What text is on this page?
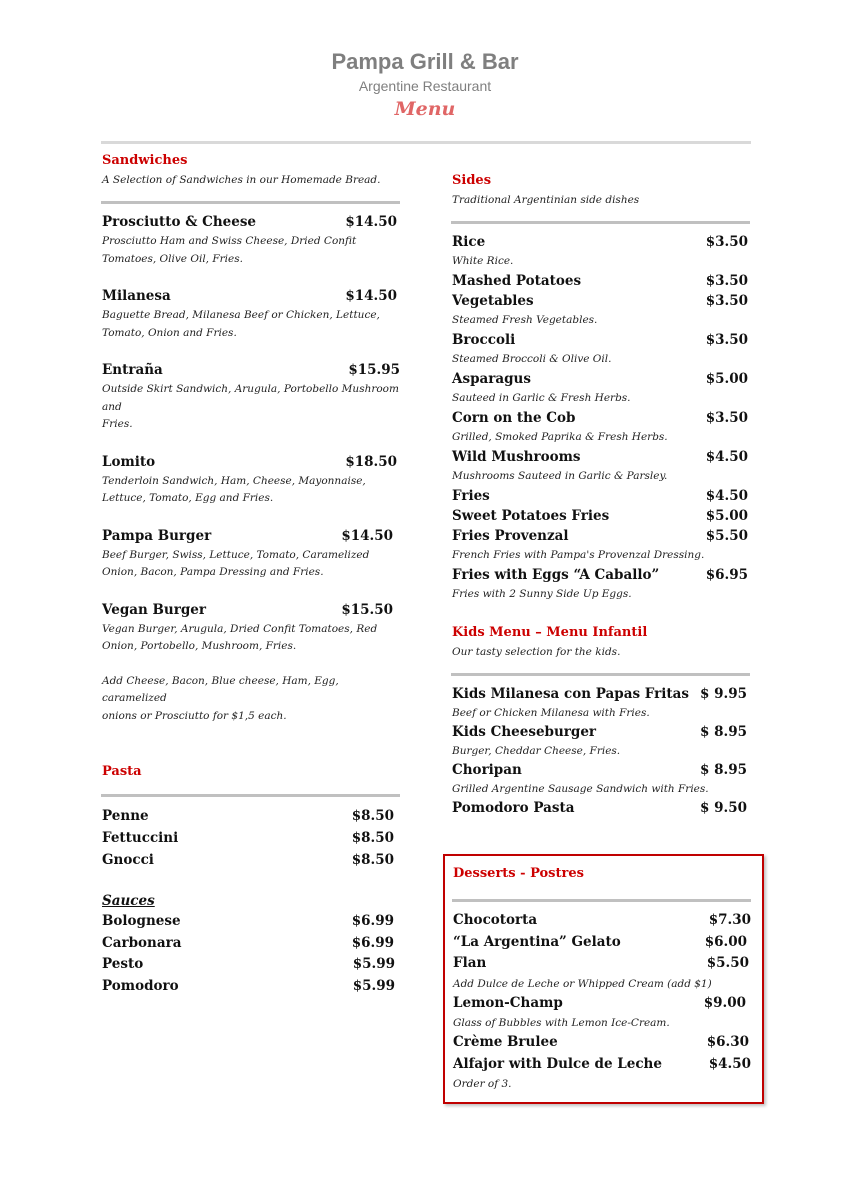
Pampa Grill & Bar
Argentine Restaurant
Menu
Sandwiches
A Selection of Sandwiches in our Homemade Bread.
Prosciutto & Cheese	$14.50
Prosciutto Ham and Swiss Cheese, Dried Confit
Tomatoes, Olive Oil, Fries.
Milanesa	$14.50
Baguette Bread, Milanesa Beef or Chicken, Lettuce,
Tomato, Onion and Fries.
Entraña	$15.95
Outside Skirt Sandwich, Arugula, Portobello Mushroom
and
Fries.
Lomito	$18.50
Tenderloin Sandwich, Ham, Cheese, Mayonnaise,
Lettuce, Tomato, Egg and Fries.
Pampa Burger	$14.50
Beef Burger, Swiss, Lettuce, Tomato, Caramelized
Onion, Bacon, Pampa Dressing and Fries.
Vegan Burger	$15.50
Vegan Burger, Arugula, Dried Confit Tomatoes, Red
Onion, Portobello, Mushroom, Fries.
Add Cheese, Bacon, Blue cheese, Ham, Egg, caramelized
onions or Prosciutto for $1,5 each.
Pasta
Penne	$8.50
Fettuccini	$8.50
Gnocci	$8.50
Sauces
Bolognese	$6.99
Carbonara	$6.99
Pesto	$5.99
Pomodoro	$5.99
Sides
Traditional Argentinian side dishes
Rice	$3.50
White Rice.
Mashed Potatoes	$3.50
Vegetables	$3.50
Steamed Fresh Vegetables.
Broccoli	$3.50
Steamed Broccoli & Olive Oil.
Asparagus	$5.00
Sauteed in Garlic & Fresh Herbs.
Corn on the Cob	$3.50
Grilled, Smoked Paprika & Fresh Herbs.
Wild Mushrooms	$4.50
Mushrooms Sauteed in Garlic & Parsley.
Fries	$4.50
Sweet Potatoes Fries	$5.00
Fries Provenzal	$5.50
French Fries with Pampa's Provenzal Dressing.
Fries with Eggs “A Caballo”	$6.95
Fries with 2 Sunny Side Up Eggs.
Kids Menu – Menu Infantil
Our tasty selection for the kids.
Kids Milanesa con Papas Fritas $ 9.95
Beef or Chicken Milanesa with Fries.
Kids Cheeseburger	$ 8.95
Burger, Cheddar Cheese, Fries.
Choripan	$ 8.95
Grilled Argentine Sausage Sandwich with Fries.
Pomodoro Pasta	$ 9.50
Desserts - Postres
Chocotorta	$7.30
“La Argentina” Gelato	$6.00
Flan	$5.50
Add Dulce de Leche or Whipped Cream (add $1)
Lemon-Champ	$9.00
Glass of Bubbles with Lemon Ice-Cream.
Crème Brulee	$6.30
Alfajor with Dulce de Leche	$4.50
Order of 3.
